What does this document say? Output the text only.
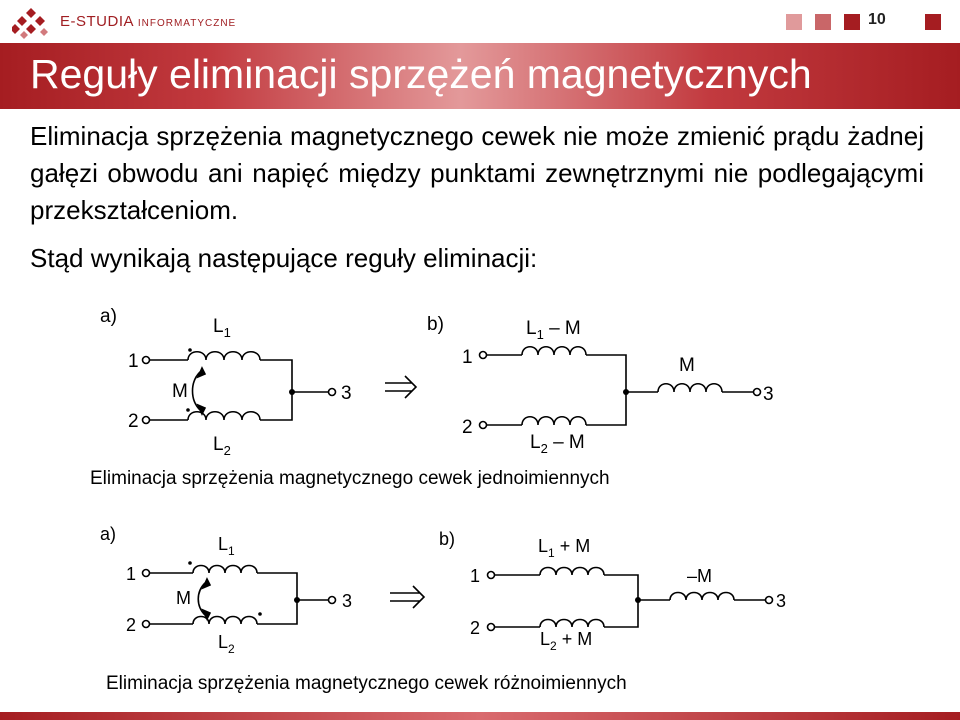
E-STUDIA INFORMATYCZNE	10
Reguły eliminacji sprzężeń magnetycznych
Eliminacja sprzężenia magnetycznego cewek nie może zmienić prądu żadnej gałęzi obwodu ani napięć między punktami zewnętrznymi nie podlegającymi przekształceniom.
Stąd wynikają następujące reguły eliminacji:
a)	b)
1
2
3
$L_1$
$L_2$
M
1
2
3
$L_1$ – M
$L_2$ – M
M
Eliminacja sprzężenia magnetycznego cewek jednoimiennych
a)	b)
1
2
3
$L_1$
$L_2$
M
1
2
3
$L_1 + M$
$L_2 + M$
–M
Eliminacja sprzężenia magnetycznego cewek różnoimiennych
